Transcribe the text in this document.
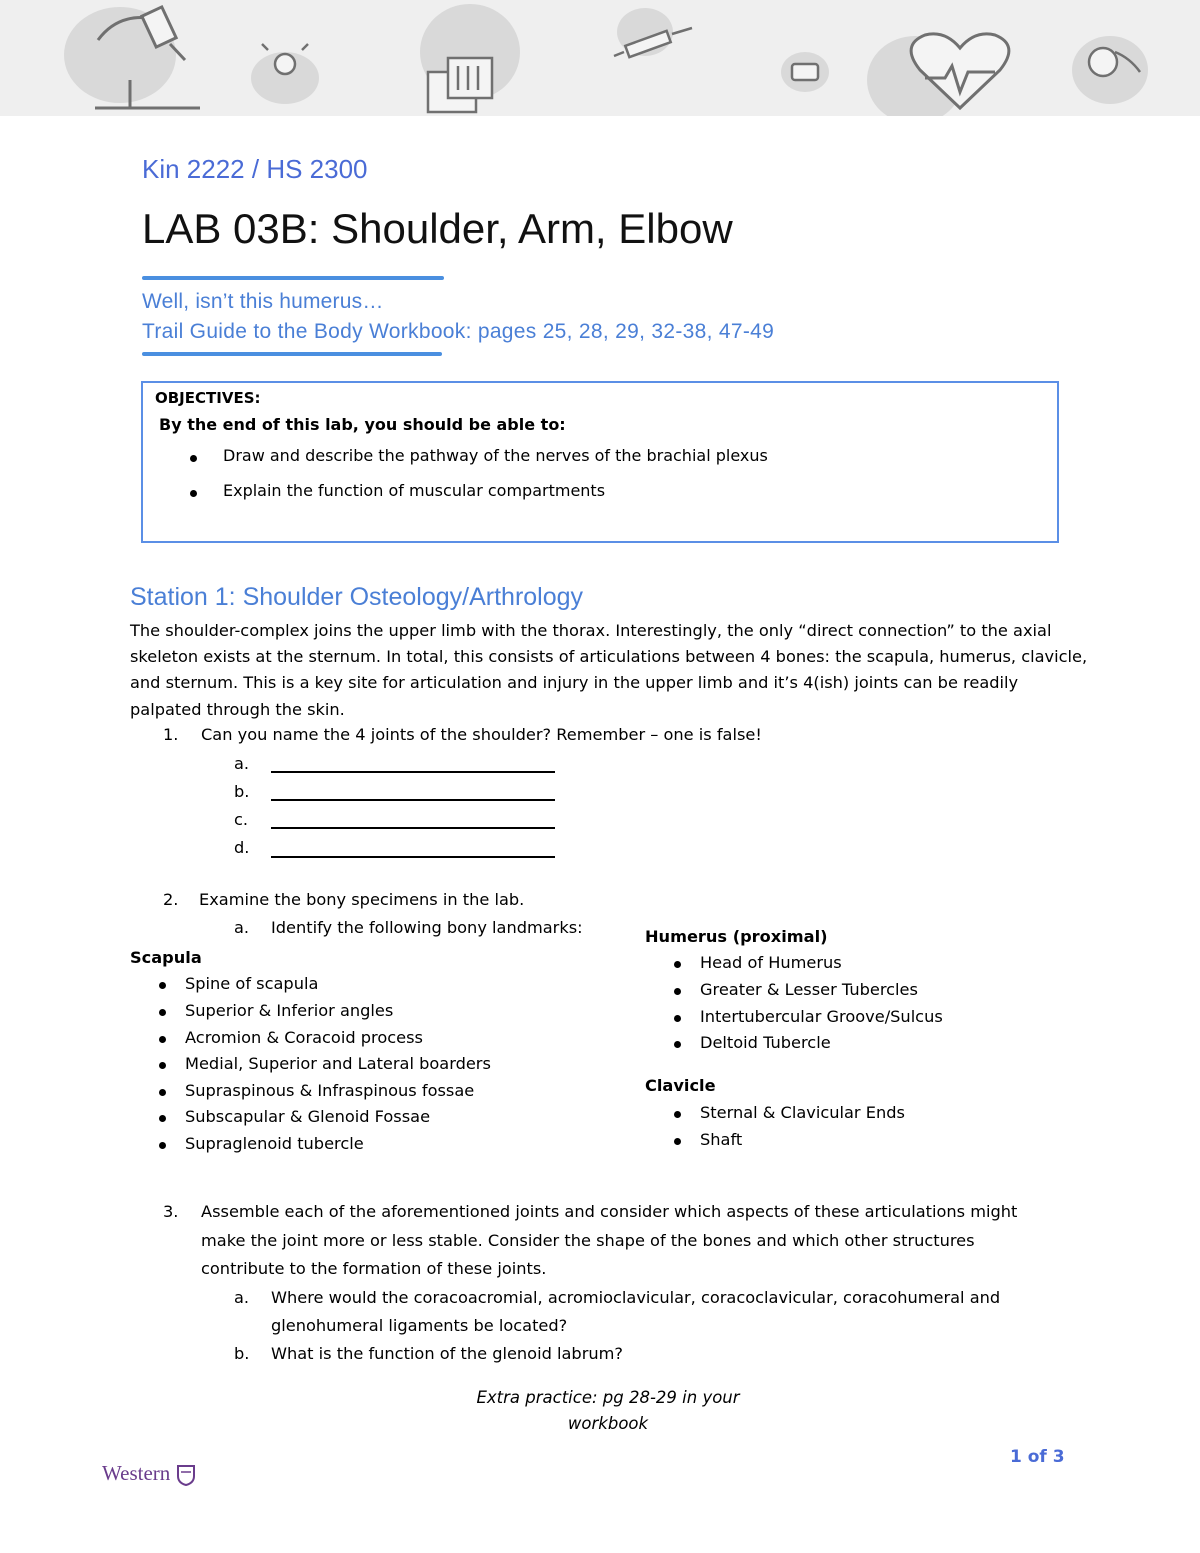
Kin 2222 / HS 2300
LAB 03B: Shoulder, Arm, Elbow
Well, isn’t this humerus…
Trail Guide to the Body Workbook: pages 25, 28, 29, 32-38, 47-49
OBJECTIVES:
By the end of this lab, you should be able to:
Draw and describe the pathway of the nerves of the brachial plexus
Explain the function of muscular compartments
Station 1: Shoulder Osteology/Arthrology
The shoulder-complex joins the upper limb with the thorax. Interestingly, the only “direct connection” to the axial skeleton exists at the sternum. In total, this consists of articulations between 4 bones: the scapula, humerus, clavicle, and sternum. This is a key site for articulation and injury in the upper limb and it’s 4(ish) joints can be readily palpated through the skin.
1. Can you name the 4 joints of the shoulder? Remember – one is false!
a.
b.
c.
d.
2. Examine the bony specimens in the lab.
a. Identify the following bony landmarks:
Scapula
Spine of scapula
Superior & Inferior angles
Acromion & Coracoid process
Medial, Superior and Lateral boarders
Supraspinous & Infraspinous fossae
Subscapular & Glenoid Fossae
Supraglenoid tubercle
Humerus (proximal)
Head of Humerus
Greater & Lesser Tubercles
Intertubercular Groove/Sulcus
Deltoid Tubercle
Clavicle
Sternal & Clavicular Ends
Shaft
3. Assemble each of the aforementioned joints and consider which aspects of these articulations might
make the joint more or less stable. Consider the shape of the bones and which other structures
contribute to the formation of these joints.
a. Where would the coracoacromial, acromioclavicular, coracoclavicular, coracohumeral and
glenohumeral ligaments be located?
b. What is the function of the glenoid labrum?
Extra practice: pg 28-29 in your
workbook
Western
1 of 3
